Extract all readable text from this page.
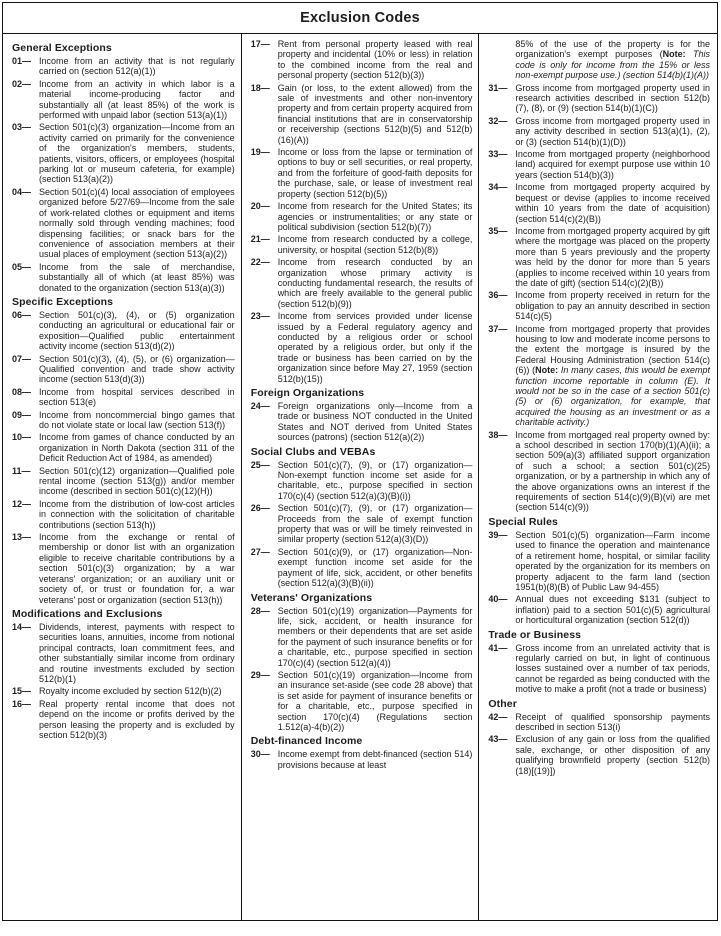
Exclusion Codes
General Exceptions
01— Income from an activity that is not regularly carried on (section 512(a)(1))
02— Income from an activity in which labor is a material income-producing factor and substantially all (at least 85%) of the work is performed with unpaid labor (section 513(a)(1))
03— Section 501(c)(3) organization—Income from an activity carried on primarily for the convenience of the organization's members, students, patients, visitors, officers, or employees (hospital parking lot or museum cafeteria, for example) (section 513(a)(2))
04— Section 501(c)(4) local association of employees organized before 5/27/69—Income from the sale of work-related clothes or equipment and items normally sold through vending machines; food dispensing facilities; or snack bars for the convenience of association members at their usual places of employment (section 513(a)(2))
05— Income from the sale of merchandise, substantially all of which (at least 85%) was donated to the organization (section 513(a)(3))
Specific Exceptions
06— Section 501(c)(3), (4), or (5) organization conducting an agricultural or educational fair or exposition—Qualified public entertainment activity income (section 513(d)(2))
07— Section 501(c)(3), (4), (5), or (6) organization—Qualified convention and trade show activity income (section 513(d)(3))
08— Income from hospital services described in section 513(e)
09— Income from noncommercial bingo games that do not violate state or local law (section 513(f))
10— Income from games of chance conducted by an organization in North Dakota (section 311 of the Deficit Reduction Act of 1984, as amended)
11— Section 501(c)(12) organization—Qualified pole rental income (section 513(g)) and/or member income (described in section 501(c)(12)(H))
12— Income from the distribution of low-cost articles in connection with the solicitation of charitable contributions (section 513(h))
13— Income from the exchange or rental of membership or donor list with an organization eligible to receive charitable contributions by a section 501(c)(3) organization; by a war veterans' organization; or an auxiliary unit or society of, or trust or foundation for, a war veterans' post or organization (section 513(h))
Modifications and Exclusions
14— Dividends, interest, payments with respect to securities loans, annuities, income from notional principal contracts, loan commitment fees, and other substantially similar income from ordinary and routine investments excluded by section 512(b)(1)
15— Royalty income excluded by section 512(b)(2)
16— Real property rental income that does not depend on the income or profits derived by the person leasing the property and is excluded by section 512(b)(3)
17— Rent from personal property leased with real property and incidental (10% or less) in relation to the combined income from the real and personal property (section 512(b)(3))
18— Gain (or loss, to the extent allowed) from the sale of investments and other non-inventory property and from certain property acquired from financial institutions that are in conservatorship or receivership (sections 512(b)(5) and 512(b)(16)(A))
19— Income or loss from the lapse or termination of options to buy or sell securities, or real property, and from the forfeiture of good-faith deposits for the purchase, sale, or lease of investment real property (section 512(b)(5))
20— Income from research for the United States; its agencies or instrumentalities; or any state or political subdivision (section 512(b)(7))
21— Income from research conducted by a college, university, or hospital (section 512(b)(8))
22— Income from research conducted by an organization whose primary activity is conducting fundamental research, the results of which are freely available to the general public (section 512(b)(9))
23— Income from services provided under license issued by a Federal regulatory agency and conducted by a religious order or school operated by a religious order, but only if the trade or business has been carried on by the organization since before May 27, 1959 (section 512(b)(15))
Foreign Organizations
24— Foreign organizations only—Income from a trade or business NOT conducted in the United States and NOT derived from United States sources (patrons) (section 512(a)(2))
Social Clubs and VEBAs
25— Section 501(c)(7), (9), or (17) organization—Non-exempt function income set aside for a charitable, etc., purpose specified in section 170(c)(4) (section 512(a)(3)(B)(i))
26— Section 501(c)(7), (9), or (17) organization—Proceeds from the sale of exempt function property that was or will be timely reinvested in similar property (section 512(a)(3)(D))
27— Section 501(c)(9), or (17) organization—Non-exempt function income set aside for the payment of life, sick, accident, or other benefits (section 512(a)(3)(B)(ii))
Veterans' Organizations
28— Section 501(c)(19) organization—Payments for life, sick, accident, or health insurance for members or their dependents that are set aside for the payment of such insurance benefits or for a charitable, etc., purpose specified in section 170(c)(4) (section 512(a)(4))
29— Section 501(c)(19) organization—Income from an insurance set-aside (see code 28 above) that is set aside for payment of insurance benefits or for a charitable, etc., purpose specified in section 170(c)(4) (Regulations section 1.512(a)-4(b)(2))
Debt-financed Income
30— Income exempt from debt-financed (section 514) provisions because at least
85% of the use of the property is for the organization's exempt purposes (Note: This code is only for income from the 15% or less non-exempt purpose use.) (section 514(b)(1)(A))
31— Gross income from mortgaged property used in research activities described in section 512(b)(7), (8), or (9) (section 514(b)(1)(C))
32— Gross income from mortgaged property used in any activity described in section 513(a)(1), (2), or (3) (section 514(b)(1)(D))
33— Income from mortgaged property (neighborhood land) acquired for exempt purpose use within 10 years (section 514(b)(3))
34— Income from mortgaged property acquired by bequest or devise (applies to income received within 10 years from the date of acquisition) (section 514(c)(2)(B))
35— Income from mortgaged property acquired by gift where the mortgage was placed on the property more than 5 years previously and the property was held by the donor for more than 5 years (applies to income received within 10 years from the date of gift) (section 514(c)(2)(B))
36— Income from property received in return for the obligation to pay an annuity described in section 514(c)(5)
37— Income from mortgaged property that provides housing to low and moderate income persons to the extent the mortgage is insured by the Federal Housing Administration (section 514(c)(6)) (Note: In many cases, this would be exempt function income reportable in column (E). It would not be so in the case of a section 501(c)(5) or (6) organization, for example, that acquired the housing as an investment or as a charitable activity.)
38— Income from mortgaged real property owned by: a school described in section 170(b)(1)(A)(ii); a section 509(a)(3) affiliated support organization of such a school; a section 501(c)(25) organization, or by a partnership in which any of the above organizations owns an interest if the requirements of section 514(c)(9)(B)(vi) are met (section 514(c)(9))
Special Rules
39— Section 501(c)(5) organization—Farm income used to finance the operation and maintenance of a retirement home, hospital, or similar facility operated by the organization for its members on property adjacent to the farm land (section 1951(b)(8)(B) of Public Law 94-455)
40— Annual dues not exceeding $131 (subject to inflation) paid to a section 501(c)(5) agricultural or horticultural organization (section 512(d))
Trade or Business
41— Gross income from an unrelated activity that is regularly carried on but, in light of continuous losses sustained over a number of tax periods, cannot be regarded as being conducted with the motive to make a profit (not a trade or business)
Other
42— Receipt of qualified sponsorship payments described in section 513(i)
43— Exclusion of any gain or loss from the qualified sale, exchange, or other disposition of any qualifying brownfield property (section 512(b)(18)[(19)])
